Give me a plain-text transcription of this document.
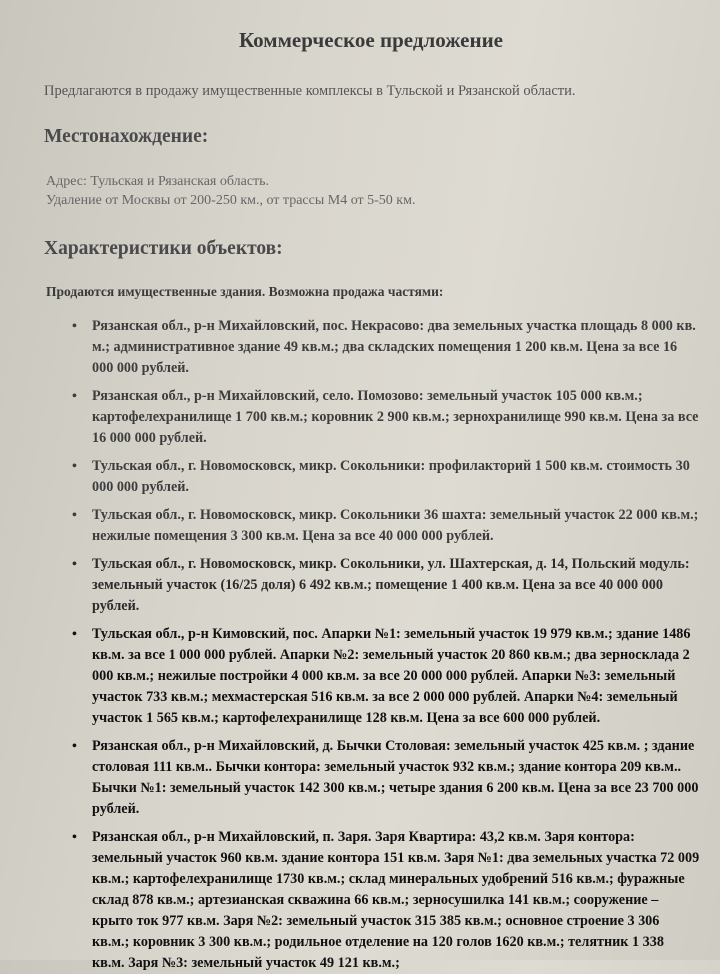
Коммерческое предложение
Предлагаются в продажу имущественные комплексы в Тульской и Рязанской области.
Местонахождение:
Адрес: Тульская и Рязанская область.
Удаление от Москвы от 200-250 км., от трассы М4 от 5-50 км.
Характеристики объектов:
Продаются имущественные здания. Возможна продажа частями:
• Рязанская обл., р-н Михайловский, пос. Некрасово: два земельных участка площадь 8 000 кв. м.; административное здание 49 кв.м.; два складских помещения 1 200 кв.м. Цена за все 16 000 000 рублей.
• Рязанская обл., р-н Михайловский, село. Помозово: земельный участок 105 000 кв.м.; картофелехранилище 1 700 кв.м.; коровник 2 900 кв.м.; зернохранилище 990 кв.м. Цена за все 16 000 000 рублей.
• Тульская обл., г. Новомосковск, микр. Сокольники: профилакторий 1 500 кв.м. стоимость 30 000 000 рублей.
• Тульская обл., г. Новомосковск, микр. Сокольники 36 шахта: земельный участок 22 000 кв.м.; нежилые помещения 3 300 кв.м. Цена за все 40 000 000 рублей.
• Тульская обл., г. Новомосковск, микр. Сокольники, ул. Шахтерская, д. 14, Польский модуль: земельный участок (16/25 доля) 6 492 кв.м.; помещение 1 400 кв.м. Цена за все 40 000 000 рублей.
• Тульская обл., р-н Кимовский, пос. Апарки №1: земельный участок 19 979 кв.м.; здание 1486 кв.м. за все 1 000 000 рублей. Апарки №2: земельный участок 20 860 кв.м.; два зерносклада 2 000 кв.м.; нежилые постройки 4 000 кв.м. за все 20 000 000 рублей. Апарки №3: земельный участок 733 кв.м.; мехмастерская 516 кв.м. за все 2 000 000 рублей. Апарки №4: земельный участок 1 565 кв.м.; картофелехранилище 128 кв.м. Цена за все 600 000 рублей.
• Рязанская обл., р-н Михайловский, д. Бычки Столовая: земельный участок 425 кв.м. ; здание столовая 111 кв.м.. Бычки контора: земельный участок 932 кв.м.; здание контора 209 кв.м.. Бычки №1: земельный участок 142 300 кв.м.; четыре здания 6 200 кв.м. Цена за все 23 700 000 рублей.
• Рязанская обл., р-н Михайловский, п. Заря. Заря Квартира: 43,2 кв.м. Заря контора: земельный участок 960 кв.м. здание контора 151 кв.м. Заря №1: два земельных участка 72 009 кв.м.; картофелехранилище 1730 кв.м.; склад минеральных удобрений 516 кв.м.; фуражные склад 878 кв.м.; артезианская скважина 66 кв.м.; зерносушилка 141 кв.м.; сооружение – крыто ток 977 кв.м. Заря №2: земельный участок 315 385 кв.м.; основное строение 3 306 кв.м.; коровник 3 300 кв.м.; родильное отделение на 120 голов 1620 кв.м.; телятник 1 338 кв.м. Заря №3: земельный участок 49 121 кв.м.;
